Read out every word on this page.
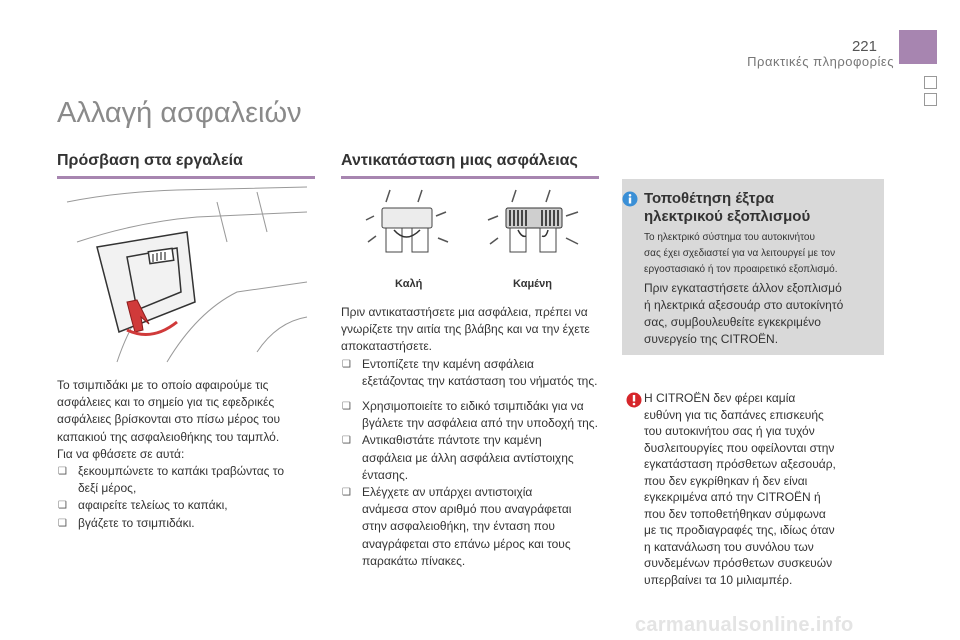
221
Πρακτικές πληροφορίες
Αλλαγή ασφαλειών
Πρόσβαση στα εργαλεία
Το τσιμπιδάκι με το οποίο αφαιρούμε τις
ασφάλειες και το σημείο για τις εφεδρικές
ασφάλειες βρίσκονται στο πίσω μέρος του
καπακιού της ασφαλειοθήκης του ταμπλό.
Για να φθάσετε σε αυτά:
❑ ξεκουμπώνετε το καπάκι τραβώντας το
δεξί μέρος,
❑ αφαιρείτε τελείως το καπάκι,
❑ βγάζετε το τσιμπιδάκι.
Αντικατάσταση μιας ασφάλειας
Καλή	Καμένη
Πριν αντικαταστήσετε μια ασφάλεια, πρέπει να
γνωρίζετε την αιτία της βλάβης και να την έχετε
αποκαταστήσετε.
❑ Εντοπίζετε την καμένη ασφάλεια
εξετάζοντας την κατάσταση του νήματός της.
❑ Χρησιμοποιείτε το ειδικό τσιμπιδάκι για να
βγάλετε την ασφάλεια από την υποδοχή της.
❑ Αντικαθιστάτε πάντοτε την καμένη
ασφάλεια με άλλη ασφάλεια αντίστοιχης
έντασης.
❑ Ελέγχετε αν υπάρχει αντιστοιχία
ανάμεσα στον αριθμό που αναγράφεται
στην ασφαλειοθήκη, την ένταση που
αναγράφεται στο επάνω μέρος και τους
παρακάτω πίνακες.
Τοποθέτηση έξτρα
ηλεκτρικού εξοπλισμού
Το ηλεκτρικό σύστημα του αυτοκινήτου
σας έχει σχεδιαστεί για να λειτουργεί με τον
εργοστασιακό ή τον προαιρετικό εξοπλισμό.
Πριν εγκαταστήσετε άλλον εξοπλισμό
ή ηλεκτρικά αξεσουάρ στο αυτοκίνητό
σας, συμβουλευθείτε εγκεκριμένο
συνεργείο της CITROËN.
Η CITROËN δεν φέρει καμία
ευθύνη για τις δαπάνες επισκευής
του αυτοκινήτου σας ή για τυχόν
δυσλειτουργίες που οφείλονται στην
εγκατάσταση πρόσθετων αξεσουάρ,
που δεν εγκρίθηκαν ή δεν είναι
εγκεκριμένα από την CITROËN ή
που δεν τοποθετήθηκαν σύμφωνα
με τις προδιαγραφές της, ιδίως όταν
η κατανάλωση του συνόλου των
συνδεμένων πρόσθετων συσκευών
υπερβαίνει τα 10 μιλιαμπέρ.
carmanualsonline.info
